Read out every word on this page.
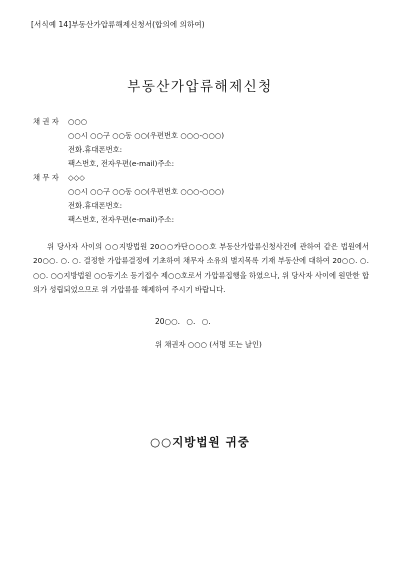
[서식예 14]부동산가압류해제신청서(합의에 의하여)
부동산가압류해제신청
채 권 자 ○○○
○○시 ○○구 ○○동 ○○(우편번호 ○○○-○○○)
전화.휴대폰번호:
팩스번호, 전자우편(e-mail)주소:
채 무 자 ◇◇◇
○○시 ○○구 ○○동 ○○(우편번호 ○○○-○○○)
전화.휴대폰번호:
팩스번호, 전자우편(e-mail)주소:
위 당사자 사이의 ○○지방법원 20○○카단○○○호 부동산가압류신청사건에 관하여 같은 법원에서 20○○. ○. ○. 결정한 가압류결정에 기초하여 채무자 소유의 별지목록 기재 부동산에 대하여 20○○. ○. ○○. ○○지방법원 ○○등기소 등기접수 제○○호로서 가압류집행을 하였으나, 위 당사자 사이에 원만한 합의가 성립되었으므로 위 가압류를 해제하여 주시기 바랍니다.
20○○. ○. ○.
위 채권자 ○○○ (서명 또는 날인)
○○지방법원 귀중
